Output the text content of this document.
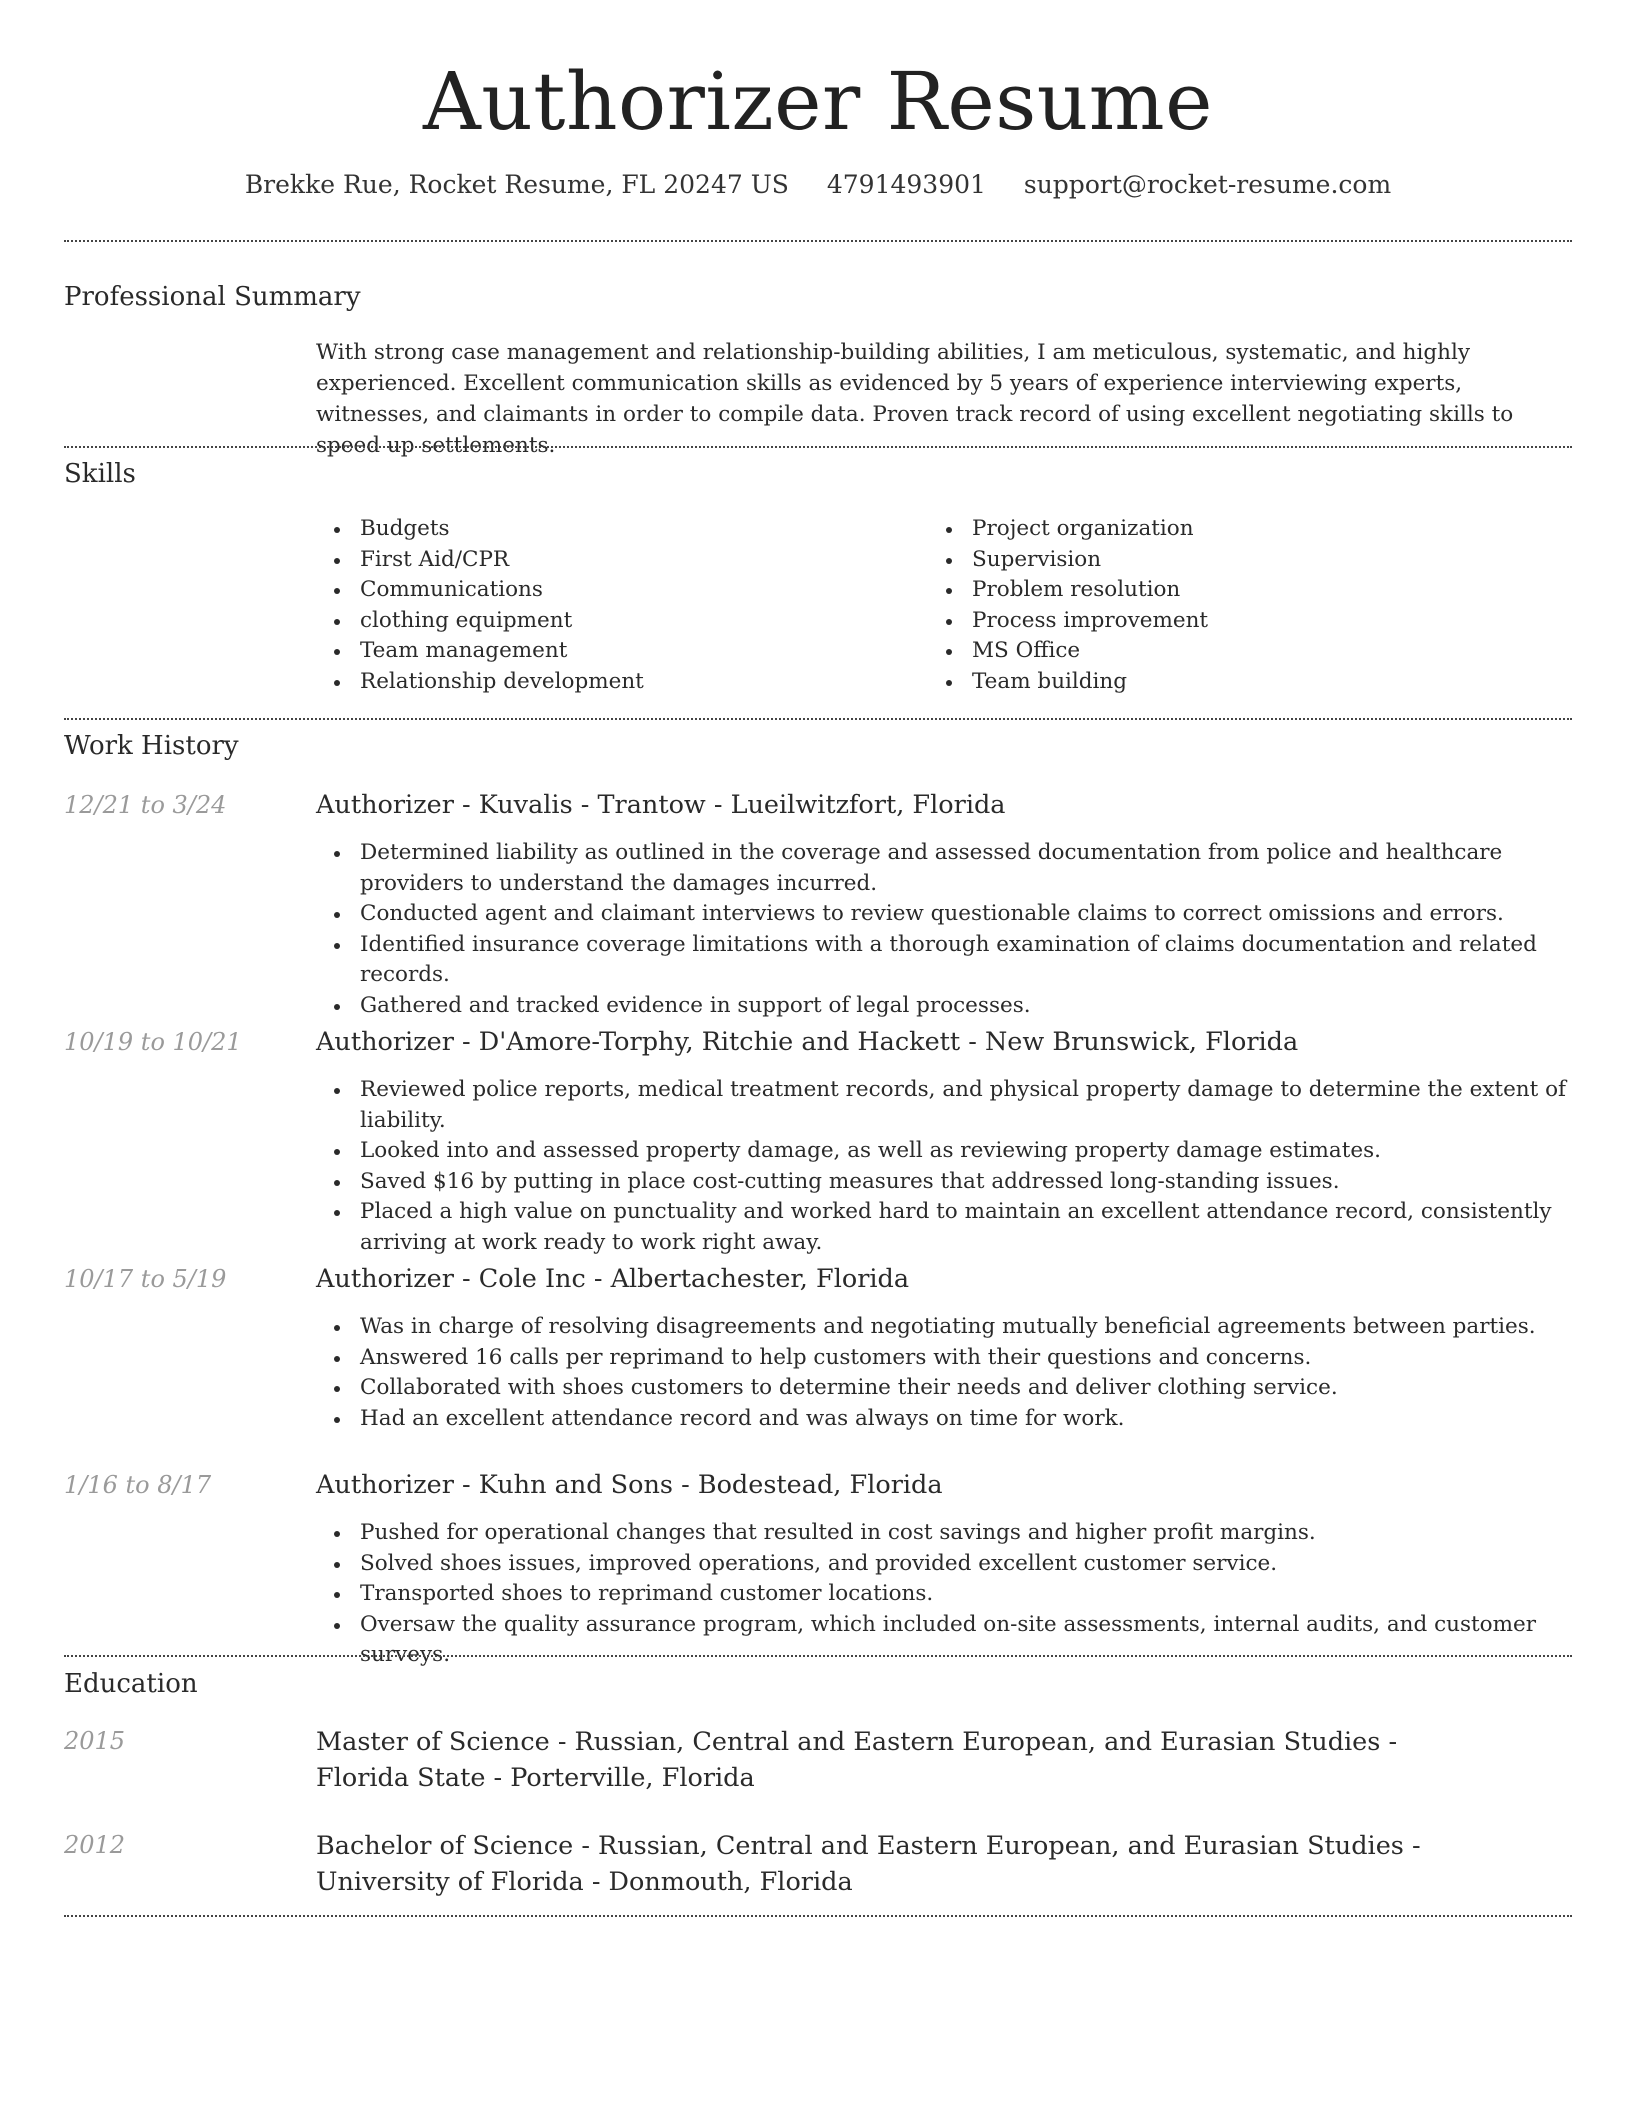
Authorizer Resume
Brekke Rue, Rocket Resume, FL 20247 US 4791493901 support@rocket-resume.com
Professional Summary
With strong case management and relationship-building abilities, I am meticulous, systematic, and highly experienced. Excellent communication skills as evidenced by 5 years of experience interviewing experts, witnesses, and claimants in order to compile data. Proven track record of using excellent negotiating skills to speed up settlements.
Skills
Budgets
First Aid/CPR
Communications
clothing equipment
Team management
Relationship development
Project organization
Supervision
Problem resolution
Process improvement
MS Office
Team building
Work History
12/21 to 3/24	Authorizer - Kuvalis - Trantow - Lueilwitzfort, Florida
Determined liability as outlined in the coverage and assessed documentation from police and healthcare providers to understand the damages incurred.
Conducted agent and claimant interviews to review questionable claims to correct omissions and errors.
Identified insurance coverage limitations with a thorough examination of claims documentation and related records.
Gathered and tracked evidence in support of legal processes.
10/19 to 10/21	Authorizer - D'Amore-Torphy, Ritchie and Hackett - New Brunswick, Florida
Reviewed police reports, medical treatment records, and physical property damage to determine the extent of liability.
Looked into and assessed property damage, as well as reviewing property damage estimates.
Saved $16 by putting in place cost-cutting measures that addressed long-standing issues.
Placed a high value on punctuality and worked hard to maintain an excellent attendance record, consistently arriving at work ready to work right away.
10/17 to 5/19	Authorizer - Cole Inc - Albertachester, Florida
Was in charge of resolving disagreements and negotiating mutually beneficial agreements between parties.
Answered 16 calls per reprimand to help customers with their questions and concerns.
Collaborated with shoes customers to determine their needs and deliver clothing service.
Had an excellent attendance record and was always on time for work.
1/16 to 8/17	Authorizer - Kuhn and Sons - Bodestead, Florida
Pushed for operational changes that resulted in cost savings and higher profit margins.
Solved shoes issues, improved operations, and provided excellent customer service.
Transported shoes to reprimand customer locations.
Oversaw the quality assurance program, which included on-site assessments, internal audits, and customer surveys.
Education
2015	Master of Science - Russian, Central and Eastern European, and Eurasian Studies - Florida State - Porterville, Florida
2012	Bachelor of Science - Russian, Central and Eastern European, and Eurasian Studies - University of Florida - Donmouth, Florida
